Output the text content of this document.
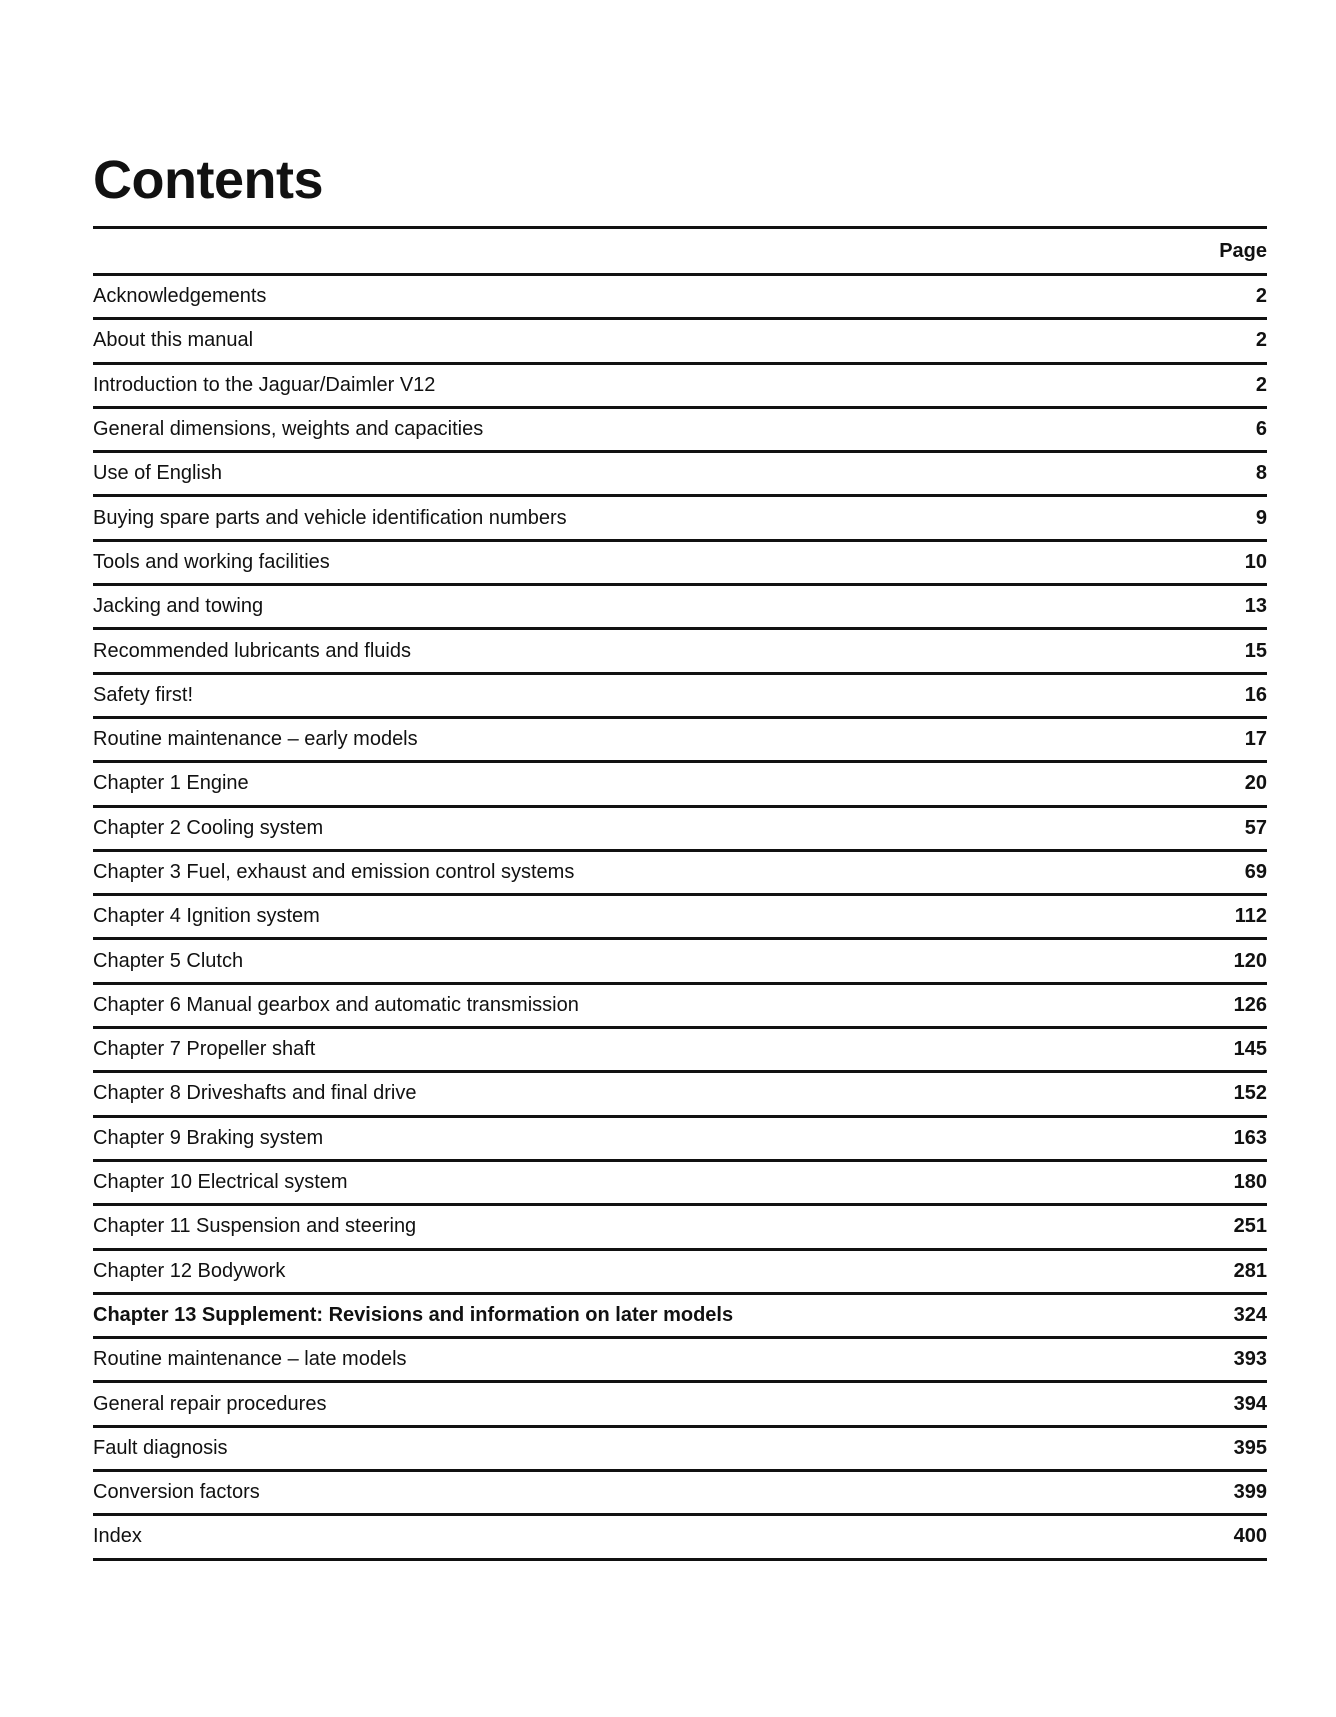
Contents
Page
Acknowledgements	2
About this manual	2
Introduction to the Jaguar/Daimler V12	2
General dimensions, weights and capacities	6
Use of English	8
Buying spare parts and vehicle identification numbers	9
Tools and working facilities	10
Jacking and towing	13
Recommended lubricants and fluids	15
Safety first!	16
Routine maintenance – early models	17
Chapter 1 Engine	20
Chapter 2 Cooling system	57
Chapter 3 Fuel, exhaust and emission control systems	69
Chapter 4 Ignition system	112
Chapter 5 Clutch	120
Chapter 6 Manual gearbox and automatic transmission	126
Chapter 7 Propeller shaft	145
Chapter 8 Driveshafts and final drive	152
Chapter 9 Braking system	163
Chapter 10 Electrical system	180
Chapter 11 Suspension and steering	251
Chapter 12 Bodywork	281
Chapter 13 Supplement: Revisions and information on later models	324
Routine maintenance – late models	393
General repair procedures	394
Fault diagnosis	395
Conversion factors	399
Index	400
